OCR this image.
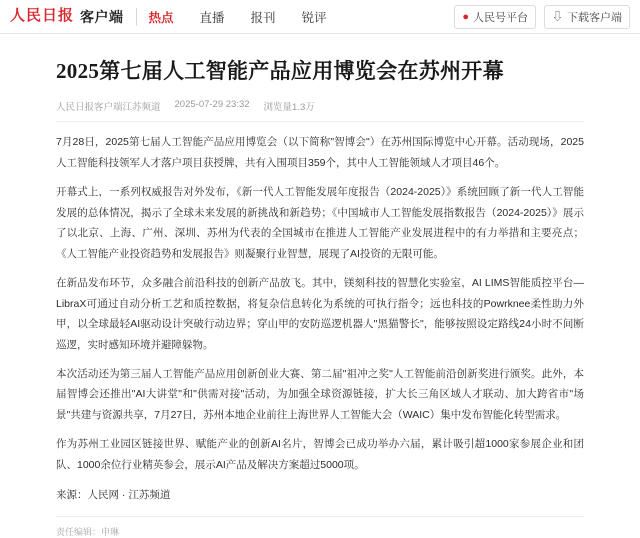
人民日报 客户端 热点 直播 报刊 锐评	● 人民号平台 ⇩ 下载客户端
2025第七届人工智能产品应用博览会在苏州开幕
人民日报客户端江苏频道 2025-07-29 23:32 浏览量1.3万

7月28日，2025第七届人工智能产品应用博览会（以下简称"智博会"）在苏州国际博览中心开幕。活动现场，2025人工智能科技领军人才落户项目获授牌，共有入围项目359个，其中人工智能领域人才项目46个。

开幕式上，一系列权威报告对外发布，《新一代人工智能发展年度报告（2024-2025）》系统回顾了新一代人工智能发展的总体情况，揭示了全球未来发展的新挑战和新趋势；《中国城市人工智能发展指数报告（2024-2025）》展示了以北京、上海、广州、深圳、苏州为代表的全国城市在推进人工智能产业发展进程中的有力举措和主要亮点；《人工智能产业投资趋势和发展报告》则凝聚行业智慧，展现了AI投资的无限可能。

在新品发布环节，众多融合前沿科技的创新产品放飞。其中，镁刻科技的智慧化实验室，AI LIMS智能质控平台—LibraX可通过自动分析工艺和质控数据，将复杂信息转化为系统的可执行指令；远也科技的Powrknee柔性助力外甲，以全球最轻AI驱动设计突破行动边界；穿山甲的安防巡逻机器人"黑猫警长"，能够按照设定路线24小时不间断巡逻，实时感知环境并避障躲物。

本次活动还为第三届人工智能产品应用创新创业大赛、第二届"祖冲之奖"人工智能前沿创新奖进行颁奖。此外，本届智博会还推出"AI大讲堂"和"供需对接"活动，为加强全球资源链接，扩大长三角区域人才联动、加大跨省市"场景"共建与资源共享，7月27日，苏州本地企业前往上海世界人工智能大会（WAIC）集中发布智能化转型需求。

作为苏州工业园区链接世界、赋能产业的创新AI名片，智博会已成功举办六届，累计吸引超1000家参展企业和团队、1000余位行业精英参会，展示AI产品及解决方案超过5000项。

来源：人民网 · 江苏频道
责任编辑：申琳
